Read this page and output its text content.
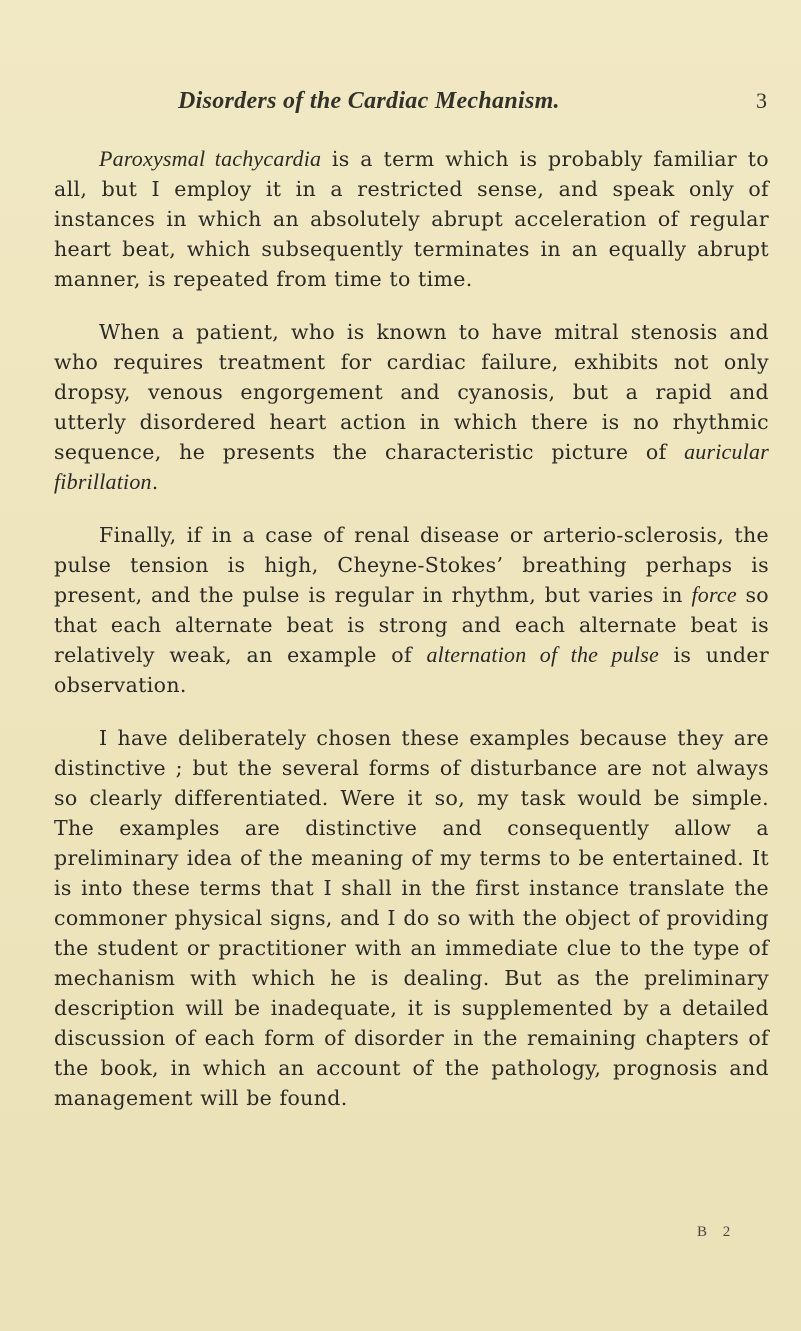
Disorders of the Cardiac Mechanism.	3

Paroxysmal tachycardia is a term which is probably familiar to all, but I employ it in a restricted sense, and speak only of instances in which an absolutely abrupt acceleration of regular heart beat, which subsequently terminates in an equally abrupt manner, is repeated from time to time.

When a patient, who is known to have mitral stenosis and who requires treatment for cardiac failure, exhibits not only dropsy, venous engorgement and cyanosis, but a rapid and utterly disordered heart action in which there is no rhythmic sequence, he presents the characteristic picture of auricular fibrillation.

Finally, if in a case of renal disease or arterio-sclerosis, the pulse tension is high, Cheyne-Stokes’ breathing perhaps is present, and the pulse is regular in rhythm, but varies in force so that each alternate beat is strong and each alternate beat is relatively weak, an example of alternation of the pulse is under observation.

I have deliberately chosen these examples because they are distinctive ; but the several forms of disturbance are not always so clearly differentiated. Were it so, my task would be simple. The examples are distinctive and consequently allow a preliminary idea of the meaning of my terms to be entertained. It is into these terms that I shall in the first instance translate the commoner physical signs, and I do so with the object of providing the student or practitioner with an immediate clue to the type of mechanism with which he is dealing. But as the preliminary description will be inadequate, it is supplemented by a detailed discussion of each form of disorder in the remaining chapters of the book, in which an account of the pathology, prognosis and management will be found.

B 2
